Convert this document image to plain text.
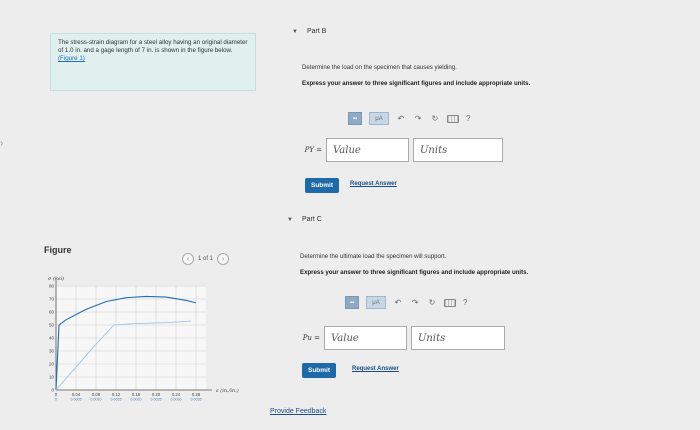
›
The stress-strain diagram for a steel alloy having an original diameter of 1.0 in. and a gage length of 7 in. is shown in the figure below. (Figure 1)
Figure
‹	1 of 1	›
0
10
20
30
40
50
60
70
80
0
0
0.04
0.0005
0.08
0.0010
0.12
0.0015
0.16
0.0020
0.20
0.0025
0.24
0.0030
0.28
0.0035
σ (ksi)
ε (in./in.)
▼ Part B
Determine the load on the specimen that causes yielding.
Express your answer to three significant figures and include appropriate units.
▪▪	μA	↶ ↷ ↻	?
PY =	Value	Units
Submit	Request Answer
▼ Part C
Determine the ultimate load the specimen will support.
Express your answer to three significant figures and include appropriate units.
▪▪	μA	↶ ↷ ↻	?
Pu =	Value	Units
Submit	Request Answer
Provide Feedback
